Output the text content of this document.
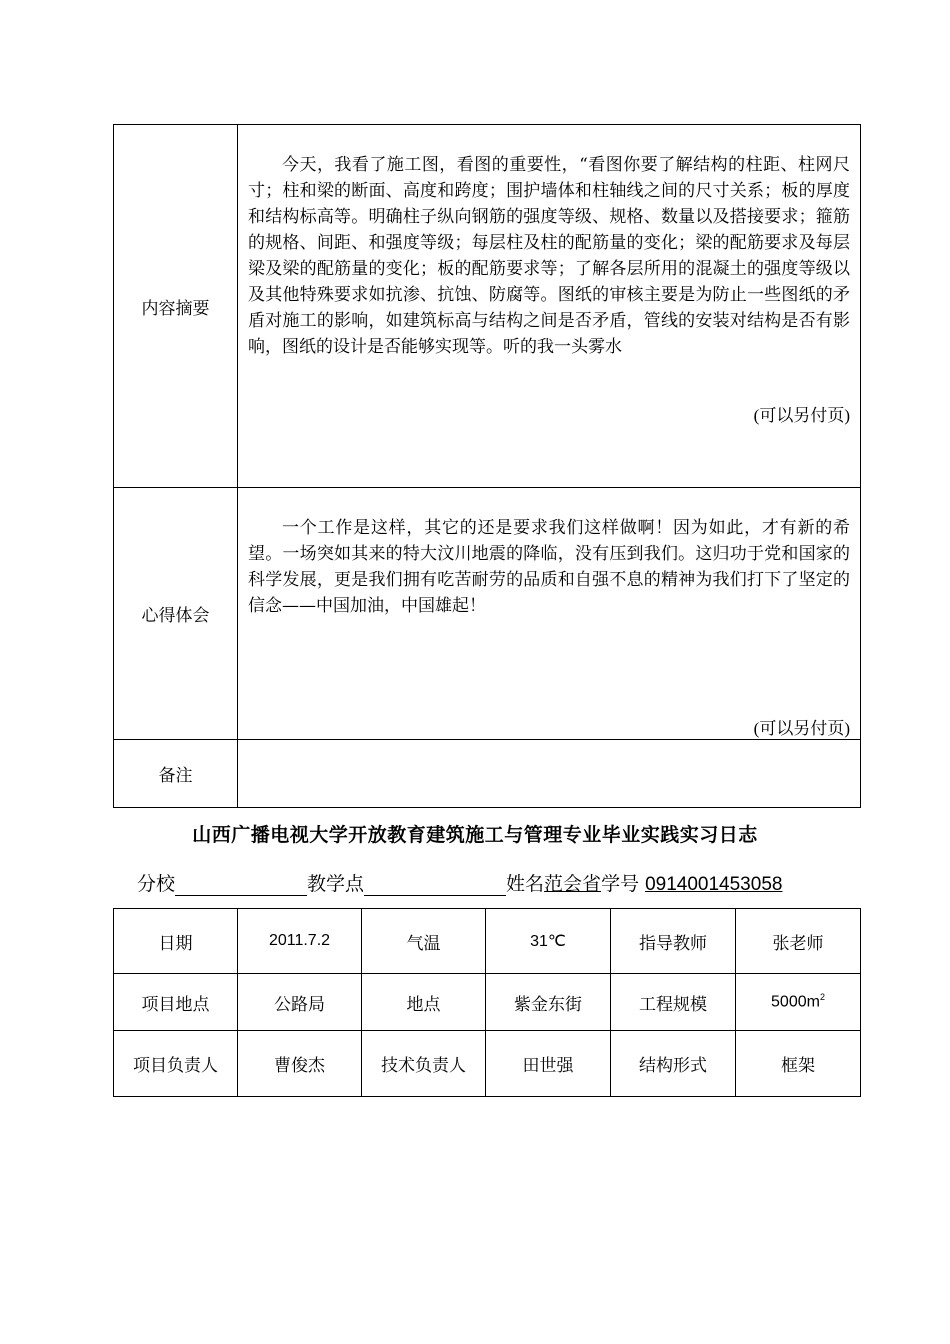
内容摘要	今天，我看了施工图，看图的重要性，“看图你要了解结构的柱距、柱网尺寸；柱和梁的断面、高度和跨度；围护墙体和柱轴线之间的尺寸关系；板的厚度和结构标高等。明确柱子纵向钢筋的强度等级、规格、数量以及搭接要求；箍筋的规格、间距、和强度等级；每层柱及柱的配筋量的变化；梁的配筋要求及每层梁及梁的配筋量的变化；板的配筋要求等；了解各层所用的混凝土的强度等级以及其他特殊要求如抗渗、抗蚀、防腐等。图纸的审核主要是为防止一些图纸的矛盾对施工的影响，如建筑标高与结构之间是否矛盾，管线的安装对结构是否有影响，图纸的设计是否能够实现等。听的我一头雾水

(可以另付页)

心得体会	一个工作是这样，其它的还是要求我们这样做啊！因为如此，才有新的希望。一场突如其来的特大汶川地震的降临，没有压到我们。这归功于党和国家的科学发展，更是我们拥有吃苦耐劳的品质和自强不息的精神为我们打下了坚定的信念——中国加油，中国雄起！

(可以另付页)

备注	
山西广播电视大学开放教育建筑施工与管理专业毕业实践实习日志
分校	教学点	姓名范会省学号 0914001453058
日期	2011.7.2	气温	31℃	指导教师	张老师
项目地点	公路局	地点	紫金东街	工程规模	$5000m^2$
项目负责人	曹俊杰	技术负责人	田世强	结构形式	框架
